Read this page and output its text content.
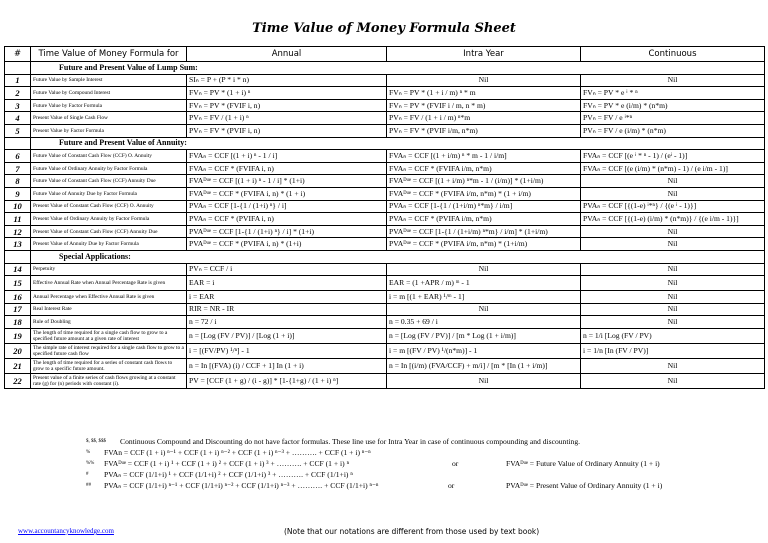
Time Value of Money Formula Sheet
#	Time Value of Money Formula for	Annual	Intra Year	Continuous
	Future and Present Value of Lump Sum:			
1	Future Value by Sample Interest	SIₙ = P + (P * i * n)	Nil	Nil
2	Future Value by Compound Interest	FVₙ = PV * (1 + i) ⁿ	FVₙ = PV * (1 + i / m) ⁿ * m	FVₙ = PV * e ⁱ * ⁿ
3	Future Value by Factor Formula	FVₙ = PV * (FVIF i, n)	FVₙ = PV * (FVIF i / m, n * m)	FVₙ = PV * e (i/m) * (n*m)
4	Present Value of Single Cash Flow	PVₙ = FV / (1 + i) ⁿ	PVₙ = FV / (1 + i / m) ⁿ*m	PVₙ = FV / e ⁱ*ⁿ
5	Present Value by Factor Formula	PVₙ = FV * (PVIF i, n)	PVₙ = FV * (PVIF i/m, n*m)	PVₙ = FV / e (i/m) * (n*m)
	Future and Present Value of Annuity:			
6	Future Value of Constant Cash Flow (CCF) O. Annuity	FVAₙ = CCF [(1 + i) ⁿ - 1 / i]	FVAₙ = CCF [(1 + i/m) ⁿ * m - 1 / i/m]	FVAₙ = CCF [(e ⁱ * ⁿ - 1) / (eⁱ - 1)]
7	Future Value of Ordinary Annuity by Factor Formula	FVAₙ = CCF * (FVIFA i, n)	FVAₙ = CCF * (FVIFA i/m, n*m)	FVAₙ = CCF [(e (i/m) * (n*m) - 1) / (e i/m - 1)]
8	Future Value of Constant Cash Flow (CCF) Annuity Due	FVAᴰᵘᵉ = CCF [(1 + i) ⁿ - 1 / i] * (1+i)	FVAᴰᵘᵉ = CCF [(1 + i/m) ⁿ*m - 1 / (i/m)] * (1+i/m)	Nil
9	Future Value of Annuity Due by Factor Formula	FVAᴰᵘᵉ = CCF * (FVIFA i, n) * (1 + i)	FVAᴰᵘᵉ = CCF * (FVIFA i/m, n*m) * (1 + i/m)	Nil
10	Present Value of Constant Cash Flow (CCF) O. Annuity	PVAₙ = CCF [1-{1 / (1+i) ⁿ} / i]	PVAₙ = CCF [1-{1 / (1+i/m) ⁿ*m} / i/m]	PVAₙ = CCF [{(1-e) ⁱ*ⁿ} / {(e ⁱ - 1)}]
11	Present Value of Ordinary Annuity by Factor Formula	PVAₙ = CCF * (PVIFA i, n)	PVAₙ = CCF * (PVIFA i/m, n*m)	PVAₙ = CCF [{(1-e) (i/m) * (n*m)} / {(e i/m - 1)}]
12	Present Value of Constant Cash Flow (CCF) Annuity Due	PVAᴰᵘᵉ = CCF [1-{1 / (1+i) ⁿ} / i] * (1+i)	PVAᴰᵘᵉ = CCF [1-{1 / (1+i/m) ⁿ*m} / i/m] * (1+i/m)	Nil
13	Present Value of Annuity Due by Factor Formula	PVAᴰᵘᵉ = CCF * (PVIFA i, n) * (1+i)	PVAᴰᵘᵉ = CCF * (PVIFA i/m, n*m) * (1+i/m)	Nil
	Special Applications:			
14	Perpetuity	PVₙ = CCF / i	Nil	Nil
15	Effective Annual Rate when Annual Percentage Rate is given	EAR = i	EAR = (1 +APR / m) ᵐ - 1	Nil
16	Annual Percentage when Effective Annual Rate is given	i = EAR	i = m [(1 + EAR) ¹/ᵐ - 1]	Nil
17	Real Interest Rate	RIR = NR - IR	Nil	Nil
18	Rule of Doubling	n = 72 / i	n = 0.35 + 69 / i	Nil
19	The length of time required for a single cash flow to grow to a specified future amount at a given rate of interest	n = [Log (FV / PV)] / [Log (1 + i)]	n = [Log (FV / PV)] / [m * Log (1 + i/m)]	n = 1/i [Log (FV / PV)
20	The simple rate of interest required for a single cash flow to grow to a specified future cash flow	i = [(FV/PV) ¹/ⁿ] - 1	i = m [(FV / PV) ¹/(n*m)] - 1	i = 1/n [In (FV / PV)]
21	The length of time required for a series of constant cash flows to grow to a specific future amount.	n = In [(FVA) (i) / CCF + 1] In (1 + i)	n = In [(i/m) (FVA/CCF) + m/i] / [m * [In (1 + i/m)]	Nil
22	Present value of a finite series of cash flows growing at a constant rate (g) for (n) periods with constant (i).	PV = [CCF (1 + g) / (i - g)] * [1-{1+g) / (1 + i) ⁿ]	Nil	Nil
$, $$, $$$ Continuous Compound and Discounting do not have factor formulas. These line use for Intra Year in case of continuous compounding and discounting.
% FVAn = CCF (1 + i) ⁿ⁻¹ + CCF (1 + i) ⁿ⁻² + CCF (1 + i) ⁿ⁻³ + ………. + CCF (1 + i) ⁿ⁻ⁿ
%% FVAᴰᵘᵉ = CCF (1 + i) ¹ + CCF (1 + i) ² + CCF (1 + i) ³ + ………. + CCF (1 + i) ⁿ	or	FVAᴰᵘᵉ = Future Value of Ordinary Annuity (1 + i)
# PVAₙ = CCF (1/1+i) ¹ + CCF (1/1+i) ² + CCF (1/1+i) ³ + ………. + CCF (1/1+i) ⁿ
## PVAₙ = CCF (1/1+i) ⁿ⁻¹ + CCF (1/1+i) ⁿ⁻² + CCF (1/1+i) ⁿ⁻³ + ………. + CCF (1/1+i) ⁿ⁻ⁿ	or	PVAᴰᵘᵉ = Present Value of Ordinary Annuity (1 + i)
www.accountancyknowledge.com	(Note that our notations are different from those used by text book)
